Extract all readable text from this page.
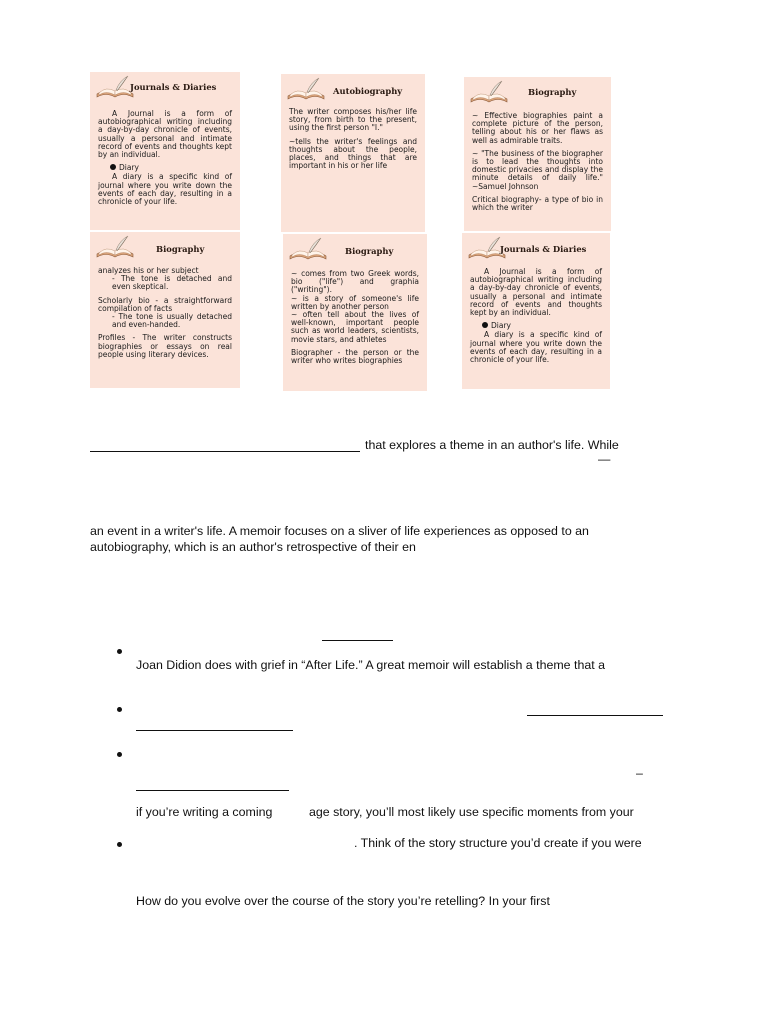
Journals & Diaries

A Journal is a form of autobiographical writing including a day-by-day chronicle of events, usually a personal and intimate record of events and thoughts kept by an individual.

Diary

A diary is a specific kind of journal where you write down the events of each day, resulting in a chronicle of your life.

Autobiography

The writer composes his/her life story, from birth to the present, using the first person "I."

~tells the writer's feelings and thoughts about the people, places, and things that are important in his or her life

Biography

~ Effective biographies paint a complete picture of the person, telling about his or her flaws as well as admirable traits.

~ "The business of the biographer is to lead the thoughts into domestic privacies and display the minute details of daily life." ~Samuel Johnson

Critical biography- a type of bio in which the writer

Biography

analyzes his or her subject

- The tone is detached and even skeptical.

Scholarly bio - a straightforward compilation of facts

- The tone is usually detached and even-handed.

Profiles - The writer constructs biographies or essays on real people using literary devices.

Biography

~ comes from two Greek words, bio ("life") and graphia ("writing").

~ is a story of someone's life written by another person

~ often tell about the lives of well-known, important people such as world leaders, scientists, movie stars, and athletes

Biographer - the person or the writer who writes biographies

Journals & Diaries

A Journal is a form of autobiographical writing including a day-by-day chronicle of events, usually a personal and intimate record of events and thoughts kept by an individual.

Diary

A diary is a specific kind of journal where you write down the events of each day, resulting in a chronicle of your life.

that explores a theme in an author's life. While
—
an event in a writer's life. A memoir focuses on a sliver of life experiences as opposed to an
autobiography, which is an author's retrospective of their en
Joan Didion does with grief in “After Life.” A great memoir will establish a theme that a
–
if you’re writing a coming	age story, you’ll most likely use specific moments from your
. Think of the story structure you’d create if you were
How do you evolve over the course of the story you’re retelling? In your first
